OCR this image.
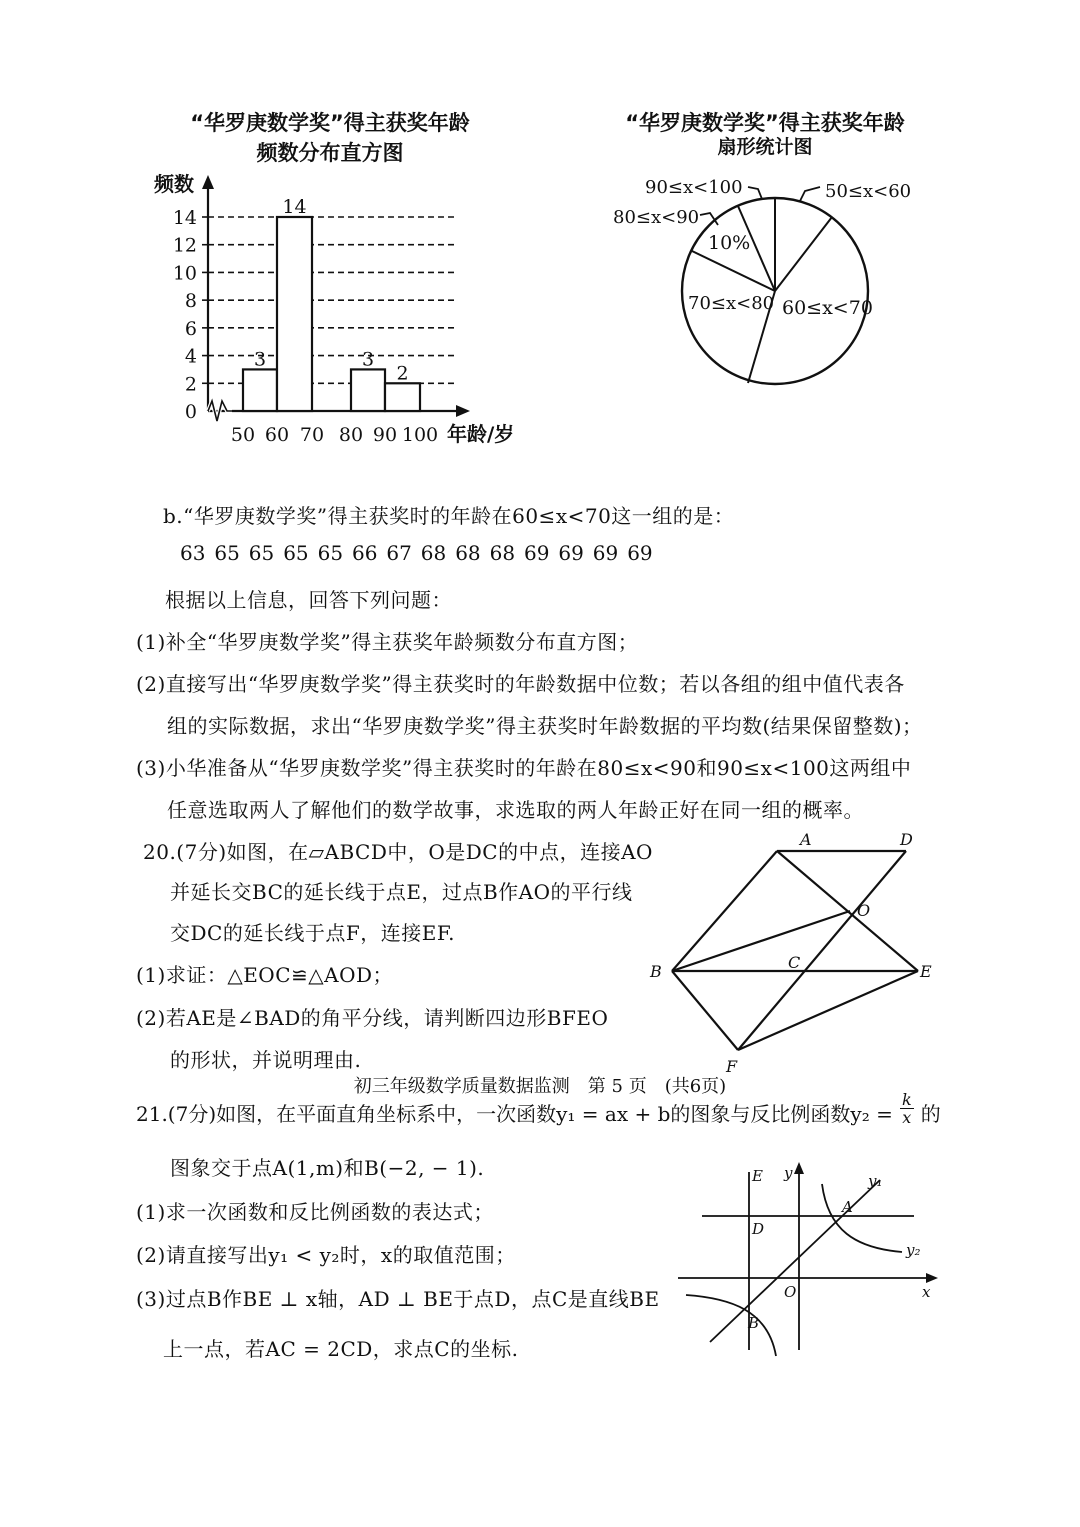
“华罗庚数学奖”得主获奖年龄
频数分布直方图
3
14
3
2
0
2
4
6
8
10
12
14
50 60 70 80 90 100
频数
年龄/岁
“华罗庚数学奖”得主获奖年龄
扇形统计图
90≤x<100	50≤x<60
80≤x<90
10%
70≤x<80 60≤x<70
b.“华罗庚数学奖”得主获奖时的年龄在60≤x<70这一组的是：
63 65 65 65 65 66 67 68 68 68 69 69 69 69
根据以上信息，回答下列问题：
(1)补全“华罗庚数学奖”得主获奖年龄频数分布直方图；
(2)直接写出“华罗庚数学奖”得主获奖时的年龄数据中位数；若以各组的组中值代表各
组的实际数据，求出“华罗庚数学奖”得主获奖时年龄数据的平均数(结果保留整数)；
(3)小华准备从“华罗庚数学奖”得主获奖时的年龄在80≤x<90和90≤x<100这两组中
任意选取两人了解他们的数学故事，求选取的两人年龄正好在同一组的概率。
20.(7分)如图，在▱ABCD中，O是DC的中点，连接AO
并延长交BC的延长线于点E，过点B作AO的平行线
交DC的延长线于点F，连接EF.
(1)求证：△EOC≌△AOD；
(2)若AE是∠BAD的角平分线，请判断四边形BFEO
的形状，并说明理由.
A	D
O
B	C	E
F
21.(7分)如图，在平面直角坐标系中，一次函数y₁ = ax + b的图象与反比例函数$y_2 = \frac{k}{x}$ 的
图象交于点A(1,m)和B(−2, − 1).
(1)求一次函数和反比例函数的表达式；
(2)请直接写出y₁ < y₂时，x的取值范围；
(3)过点B作BE ⊥ x轴，AD ⊥ BE于点D，点C是直线BE
上一点，若AC = 2CD，求点C的坐标.
E y	y₁
A
D
y₂
O	x
B
初三年级数学质量数据监测　第 5 页　(共6页)
